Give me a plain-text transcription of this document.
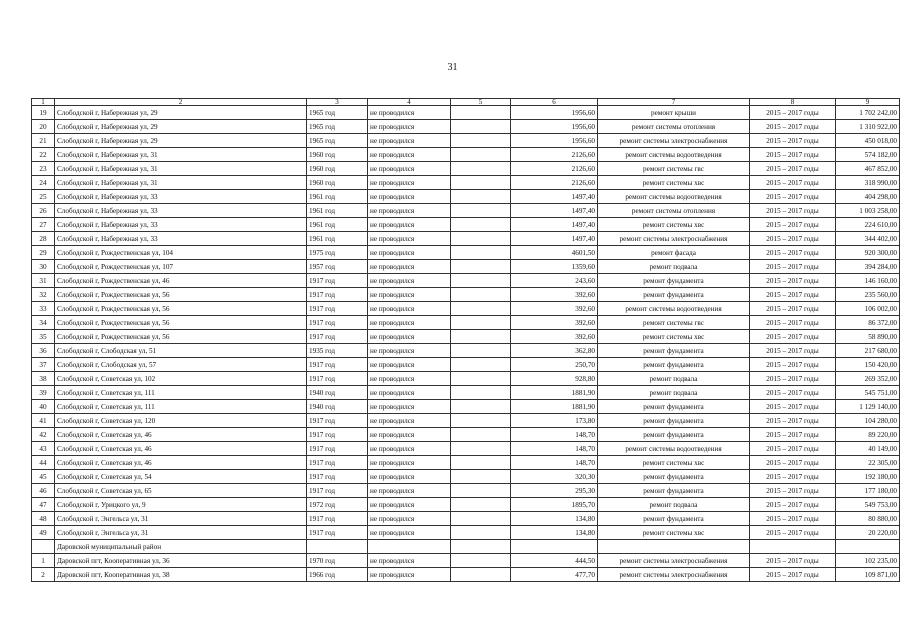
31
1	2	3	4	5	6	7	8	9
19	Слободской г, Набережная ул, 29	1965 год	не проводился		1956,60	ремонт крыши	2015 – 2017 годы	1 702 242,00
20	Слободской г, Набережная ул, 29	1965 год	не проводился		1956,60	ремонт системы отопления	2015 – 2017 годы	1 310 922,00
21	Слободской г, Набережная ул, 29	1965 год	не проводился		1956,60	ремонт системы электроснабжения	2015 – 2017 годы	450 018,00
22	Слободской г, Набережная ул, 31	1960 год	не проводился		2126,60	ремонт системы водоотведения	2015 – 2017 годы	574 182,00
23	Слободской г, Набережная ул, 31	1960 год	не проводился		2126,60	ремонт системы гвс	2015 – 2017 годы	467 852,00
24	Слободской г, Набережная ул, 31	1960 год	не проводился		2126,60	ремонт системы хвс	2015 – 2017 годы	318 990,00
25	Слободской г, Набережная ул, 33	1961 год	не проводился		1497,40	ремонт системы водоотведения	2015 – 2017 годы	404 298,00
26	Слободской г, Набережная ул, 33	1961 год	не проводился		1497,40	ремонт системы отопления	2015 – 2017 годы	1 003 258,00
27	Слободской г, Набережная ул, 33	1961 год	не проводился		1497,40	ремонт системы хвс	2015 – 2017 годы	224 610,00
28	Слободской г, Набережная ул, 33	1961 год	не проводился		1497,40	ремонт системы электроснабжения	2015 – 2017 годы	344 402,00
29	Слободской г, Рождественская ул, 104	1975 год	не проводился		4601,50	ремонт фасада	2015 – 2017 годы	920 300,00
30	Слободской г, Рождественская ул, 107	1957 год	не проводился		1359,60	ремонт подвала	2015 – 2017 годы	394 284,00
31	Слободской г, Рождественская ул, 46	1917 год	не проводился		243,60	ремонт фундамента	2015 – 2017 годы	146 160,00
32	Слободской г, Рождественская ул, 56	1917 год	не проводился		392,60	ремонт фундамента	2015 – 2017 годы	235 560,00
33	Слободской г, Рождественская ул, 56	1917 год	не проводился		392,60	ремонт системы водоотведения	2015 – 2017 годы	106 002,00
34	Слободской г, Рождественская ул, 56	1917 год	не проводился		392,60	ремонт системы гвс	2015 – 2017 годы	86 372,00
35	Слободской г, Рождественская ул, 56	1917 год	не проводился		392,60	ремонт системы хвс	2015 – 2017 годы	58 890,00
36	Слободской г, Слободская ул, 51	1935 год	не проводился		362,80	ремонт фундамента	2015 – 2017 годы	217 680,00
37	Слободской г, Слободская ул, 57	1917 год	не проводился		250,70	ремонт фундамента	2015 – 2017 годы	150 420,00
38	Слободской г, Советская ул, 102	1917 год	не проводился		928,80	ремонт подвала	2015 – 2017 годы	269 352,00
39	Слободской г, Советская ул, 111	1940 год	не проводился		1881,90	ремонт подвала	2015 – 2017 годы	545 751,00
40	Слободской г, Советская ул, 111	1940 год	не проводился		1881,90	ремонт фундамента	2015 – 2017 годы	1 129 140,00
41	Слободской г, Советская ул, 120	1917 год	не проводился		173,80	ремонт фундамента	2015 – 2017 годы	104 280,00
42	Слободской г, Советская ул, 46	1917 год	не проводился		148,70	ремонт фундамента	2015 – 2017 годы	89 220,00
43	Слободской г, Советская ул, 46	1917 год	не проводился		148,70	ремонт системы водоотведения	2015 – 2017 годы	40 149,00
44	Слободской г, Советская ул, 46	1917 год	не проводился		148,70	ремонт системы хвс	2015 – 2017 годы	22 305,00
45	Слободской г, Советская ул, 54	1917 год	не проводился		320,30	ремонт фундамента	2015 – 2017 годы	192 180,00
46	Слободской г, Советская ул, 65	1917 год	не проводился		295,30	ремонт фундамента	2015 – 2017 годы	177 180,00
47	Слободской г, Урицкого ул, 9	1972 год	не проводился		1895,70	ремонт подвала	2015 – 2017 годы	549 753,00
48	Слободской г, Энгельса ул, 31	1917 год	не проводился		134,80	ремонт фундамента	2015 – 2017 годы	80 880,00
49	Слободской г, Энгельса ул, 31	1917 год	не проводился		134,80	ремонт системы хвс	2015 – 2017 годы	20 220,00
	Даровской муниципальный район							
1	Даровской пгт, Кооперативная ул, 36	1970 год	не проводился		444,50	ремонт системы электроснабжения	2015 – 2017 годы	102 235,00
2	Даровской пгт, Кооперативная ул, 38	1966 год	не проводился		477,70	ремонт системы электроснабжения	2015 – 2017 годы	109 871,00
